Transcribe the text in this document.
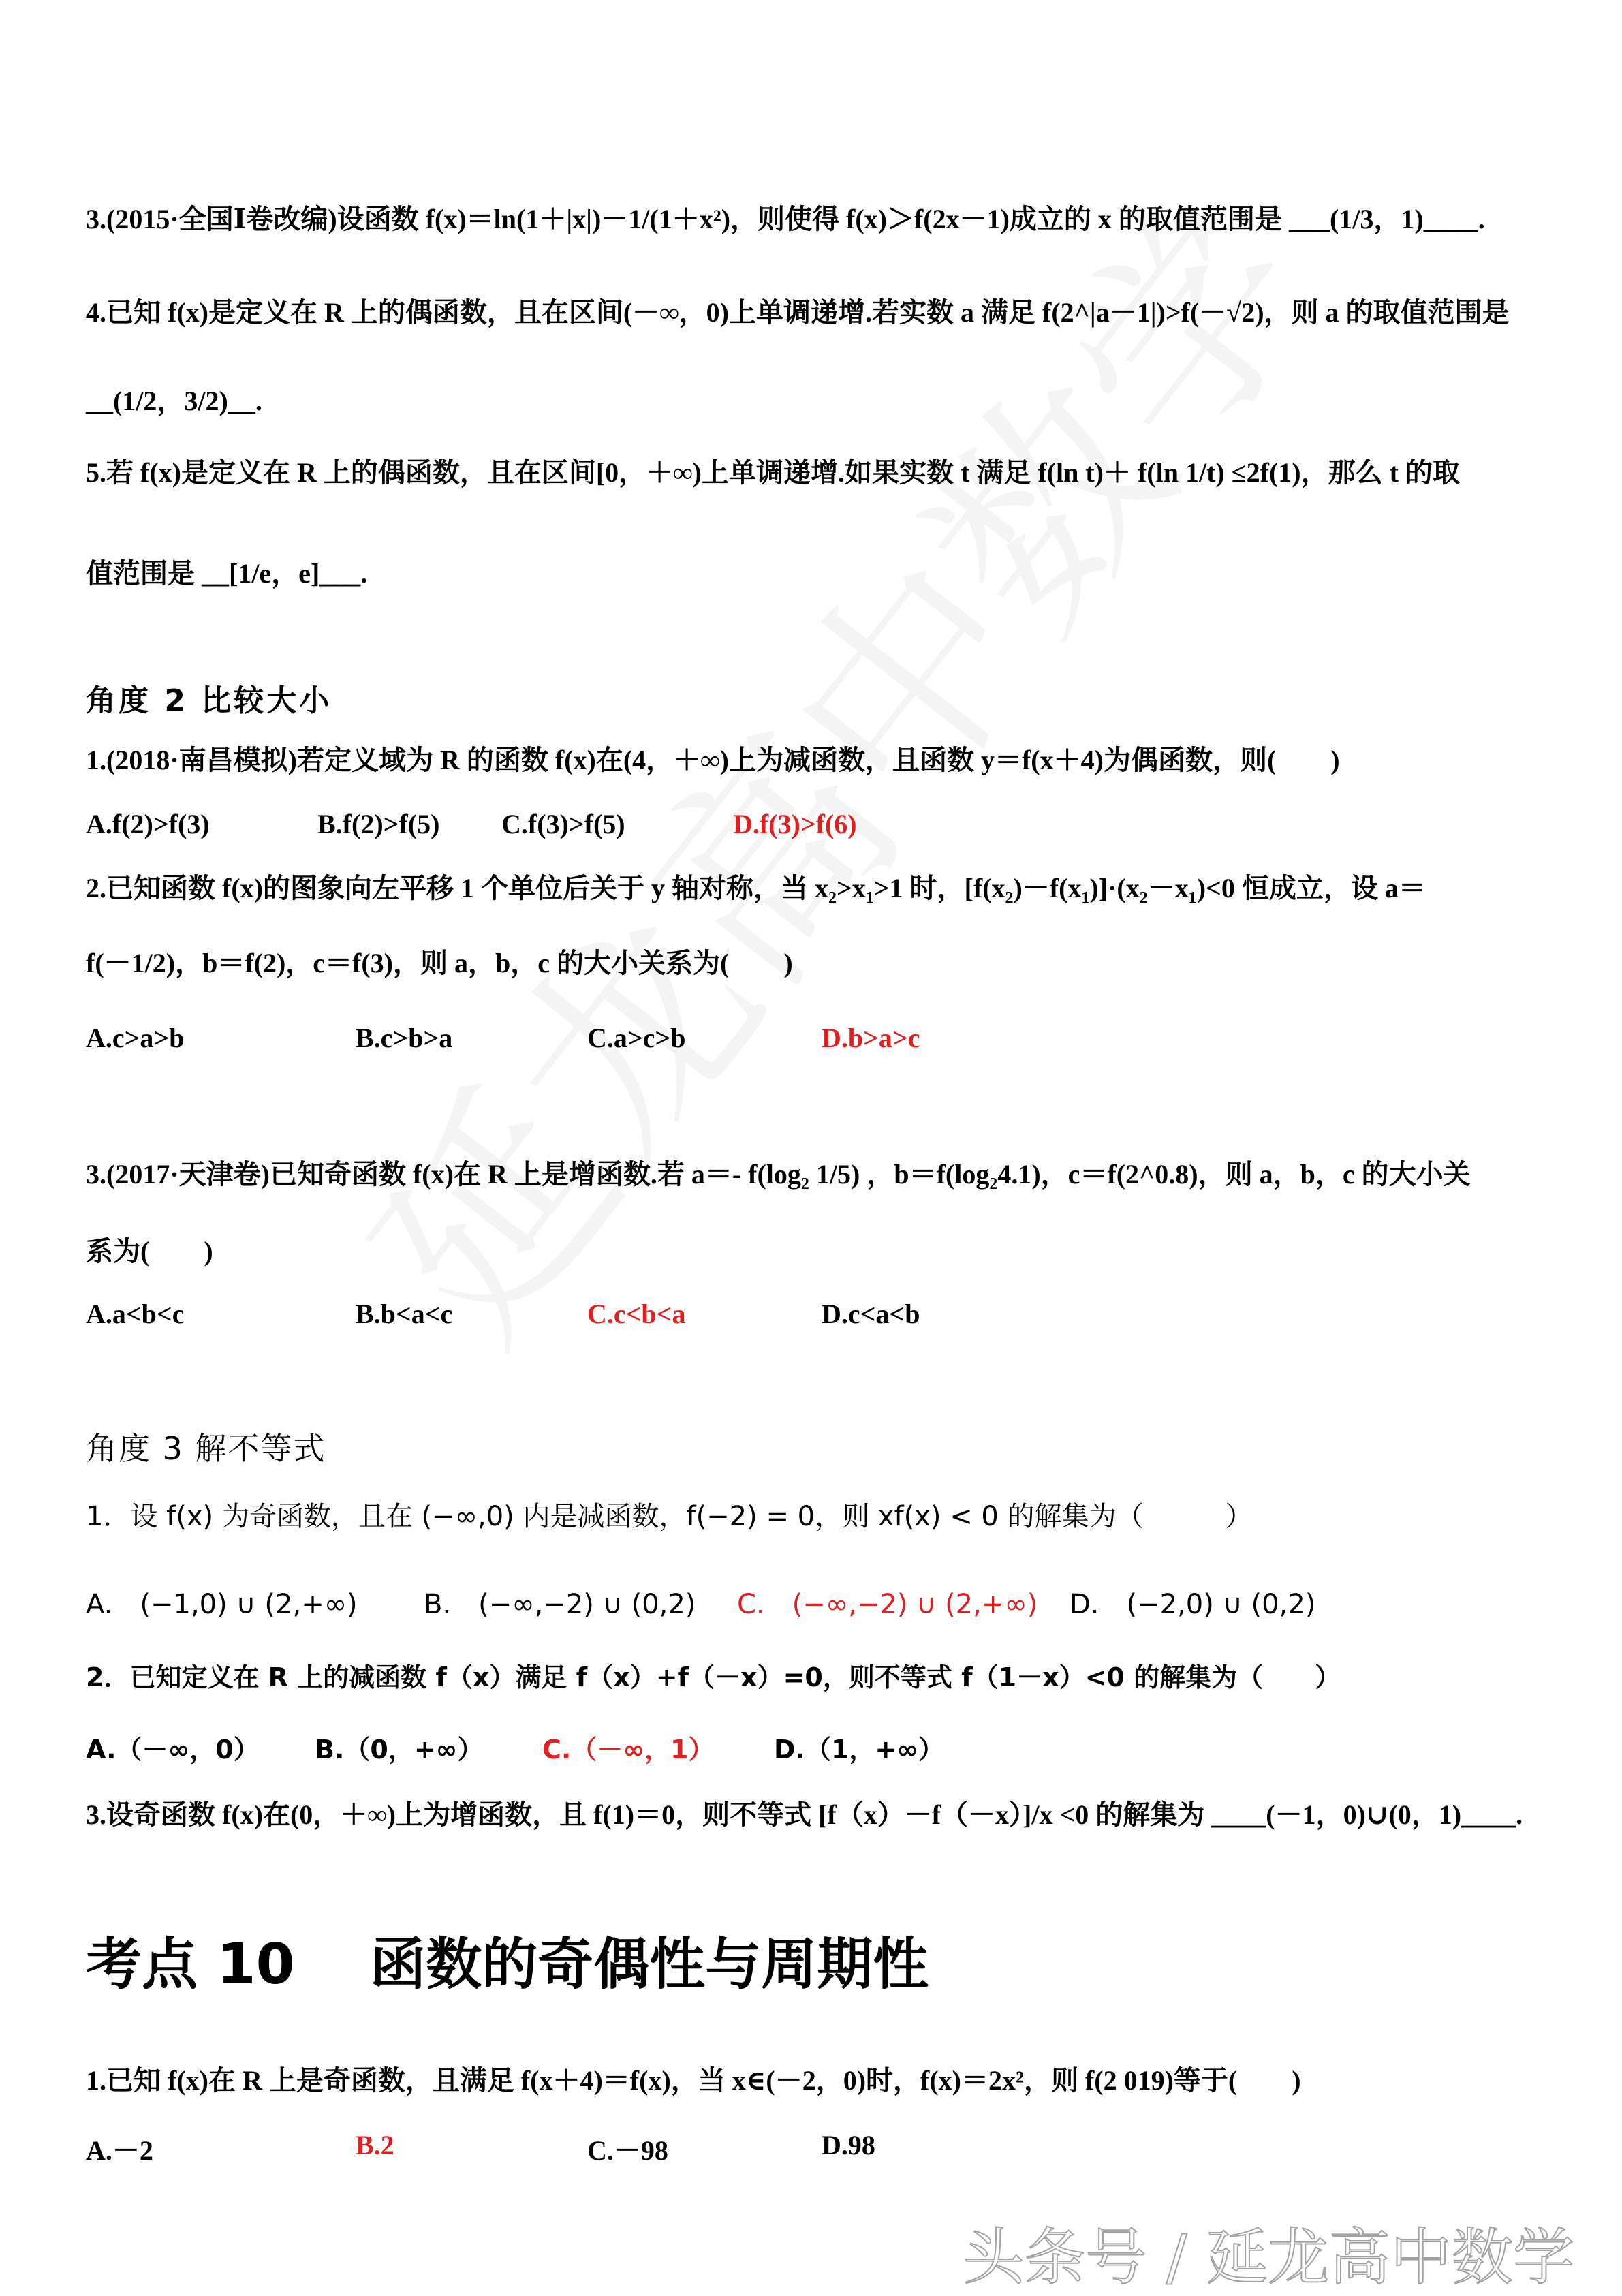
3.(2015·全国Ⅰ卷改编)设函数 f(x)＝ln(1＋|x|)－1/(1＋x²)，则使得 f(x)＞f(2x－1)成立的 x 的取值范围是 ___(1/3，1)____.
4.已知 f(x)是定义在 R 上的偶函数，且在区间(－∞，0)上单调递增.若实数 a 满足 f(2^|a－1|)>f(－√2)，则 a 的取值范围是
__(1/2，3/2)__.
5.若 f(x)是定义在 R 上的偶函数，且在区间[0，＋∞)上单调递增.如果实数 t 满足 f(ln t)＋ f(ln 1/t) ≤2f(1)，那么 t 的取
值范围是 __[1/e，e]___.
角度 2 比较大小
1.(2018·南昌模拟)若定义域为 R 的函数 f(x)在(4，＋∞)上为减函数，且函数 y＝f(x＋4)为偶函数，则(　　)
A.f(2)>f(3)	B.f(2)>f(5) C.f(3)>f(5)	D.f(3)>f(6)
2.已知函数 f(x)的图象向左平移 1 个单位后关于 y 轴对称，当 x₂>x₁>1 时，[f(x₂)－f(x₁)]·(x₂－x₁)<0 恒成立，设 a＝
f(－1/2)，b＝f(2)，c＝f(3)，则 a，b，c 的大小关系为(　　)
A.c>a>b	B.c>b>a	C.a>c>b	D.b>a>c
3.(2017·天津卷)已知奇函数 f(x)在 R 上是增函数.若 a＝- f(log₂ 1/5) ，b＝f(log₂4.1)，c＝f(2^0.8)，则 a，b，c 的大小关
系为(　　)
A.a<b<c	B.b<a<c	C.c<b<a	D.c<a<b
角度 3 解不等式
1．设 f(x) 为奇函数，且在 (−∞,0) 内是减函数，f(−2) = 0，则 xf(x) < 0 的解集为（　　　）
A.　(−1,0) ∪ (2,+∞) B.　(−∞,−2) ∪ (0,2) C.　(−∞,−2) ∪ (2,+∞) D.　(−2,0) ∪ (0,2)
2．已知定义在 R 上的减函数 f（x）满足 f（x）+f（－x）=0，则不等式 f（1－x）<0 的解集为（　　）
A.（－∞，0） B.（0，+∞） C.（－∞，1） D.（1，+∞）
3.设奇函数 f(x)在(0，＋∞)上为增函数，且 f(1)＝0，则不等式 [f（x）－f（－x）]/x <0 的解集为 ____(－1，0)∪(0，1)____.
考点 10　 函数的奇偶性与周期性
1.已知 f(x)在 R 上是奇函数，且满足 f(x＋4)＝f(x)，当 x∈(－2，0)时，f(x)＝2x²，则 f(2 019)等于(　　)
A.－2	B.2	C.－98	D.98
头条号 / 延龙高中数学
